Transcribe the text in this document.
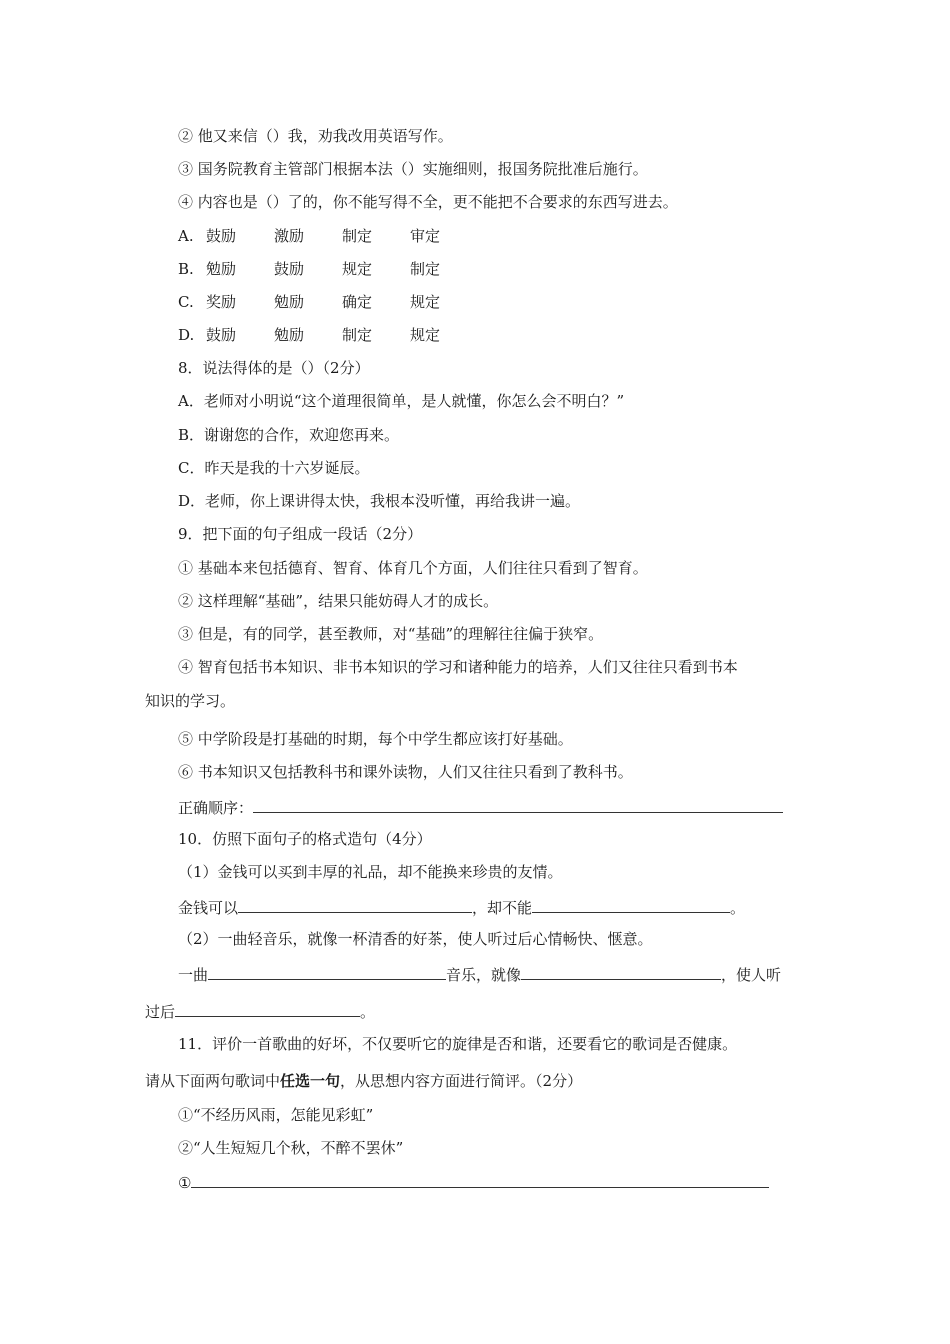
② 他又来信（）我，劝我改用英语写作。
③ 国务院教育主管部门根据本法（）实施细则，报国务院批准后施行。
④ 内容也是（）了的，你不能写得不全，更不能把不合要求的东西写进去。
A. 鼓励	激励	制定	审定
B. 勉励	鼓励	规定	制定
C. 奖励	勉励	确定	规定
D. 鼓励	勉励	制定	规定
8．说法得体的是（）（2分）
A．老师对小明说“这个道理很简单，是人就懂，你怎么会不明白？”
B．谢谢您的合作，欢迎您再来。
C．昨天是我的十六岁诞辰。
D．老师，你上课讲得太快，我根本没听懂，再给我讲一遍。
9．把下面的句子组成一段话（2分）
① 基础本来包括德育、智育、体育几个方面，人们往往只看到了智育。
② 这样理解“基础”，结果只能妨碍人才的成长。
③ 但是，有的同学，甚至教师，对“基础”的理解往往偏于狭窄。
④ 智育包括书本知识、非书本知识的学习和诸种能力的培养，人们又往往只看到书本
知识的学习。
⑤ 中学阶段是打基础的时期，每个中学生都应该打好基础。
⑥ 书本知识又包括教科书和课外读物，人们又往往只看到了教科书。
正确顺序：
10．仿照下面句子的格式造句（4分）
（1）金钱可以买到丰厚的礼品，却不能换来珍贵的友情。
金钱可以	，却不能	。
（2）一曲轻音乐，就像一杯清香的好茶，使人听过后心情畅快、惬意。
一曲	音乐，就像	，使人听
过后	。
11．评价一首歌曲的好坏，不仅要听它的旋律是否和谐，还要看它的歌词是否健康。
请从下面两句歌词中任选一句，从思想内容方面进行简评。（2分）
①“不经历风雨，怎能见彩虹”
②“人生短短几个秋，不醉不罢休”
①
